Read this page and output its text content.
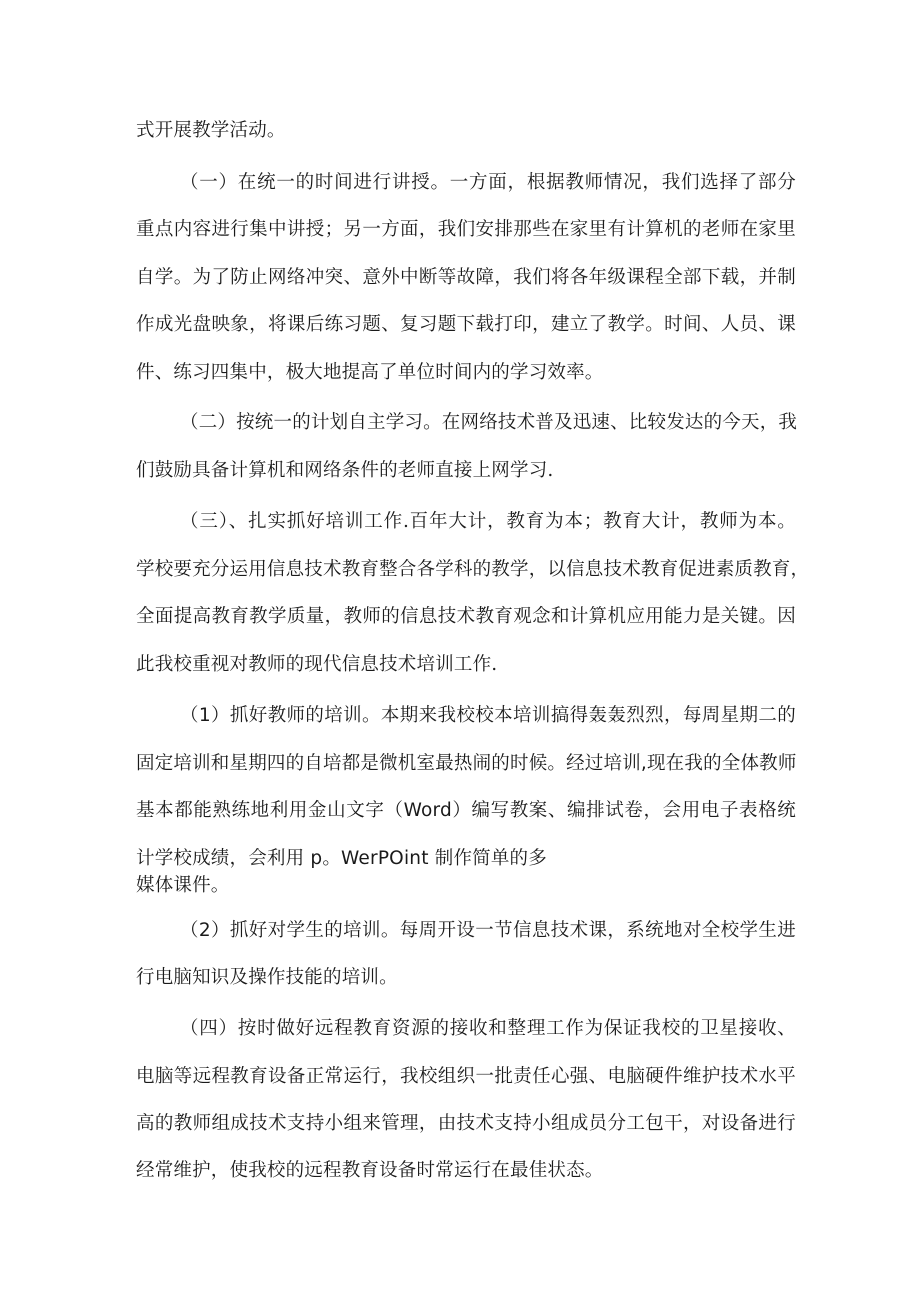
式开展教学活动。
（一）在统一的时间进行讲授。一方面，根据教师情况，我们选择了部分
重点内容进行集中讲授；另一方面，我们安排那些在家里有计算机的老师在家里
自学。为了防止网络冲突、意外中断等故障，我们将各年级课程全部下载，并制
作成光盘映象，将课后练习题、复习题下载打印，建立了教学。时间、人员、课
件、练习四集中，极大地提高了单位时间内的学习效率。
（二）按统一的计划自主学习。在网络技术普及迅速、比较发达的今天，我
们鼓励具备计算机和网络条件的老师直接上网学习.
（三）、扎实抓好培训工作.百年大计，教育为本；教育大计，教师为本。
学校要充分运用信息技术教育整合各学科的教学，以信息技术教育促进素质教育，
全面提高教育教学质量，教师的信息技术教育观念和计算机应用能力是关键。因
此我校重视对教师的现代信息技术培训工作.
（1）抓好教师的培训。本期来我校校本培训搞得轰轰烈烈，每周星期二的
固定培训和星期四的自培都是微机室最热闹的时候。经过培训,现在我的全体教师
基本都能熟练地利用金山文字（Word）编写教案、编排试卷，会用电子表格统
计学校成绩，会利用 p。WerPOint 制作简单的多
媒体课件。
（2）抓好对学生的培训。每周开设一节信息技术课，系统地对全校学生进
行电脑知识及操作技能的培训。
（四）按时做好远程教育资源的接收和整理工作为保证我校的卫星接收、
电脑等远程教育设备正常运行，我校组织一批责任心强、电脑硬件维护技术水平
高的教师组成技术支持小组来管理，由技术支持小组成员分工包干，对设备进行
经常维护，使我校的远程教育设备时常运行在最佳状态。
